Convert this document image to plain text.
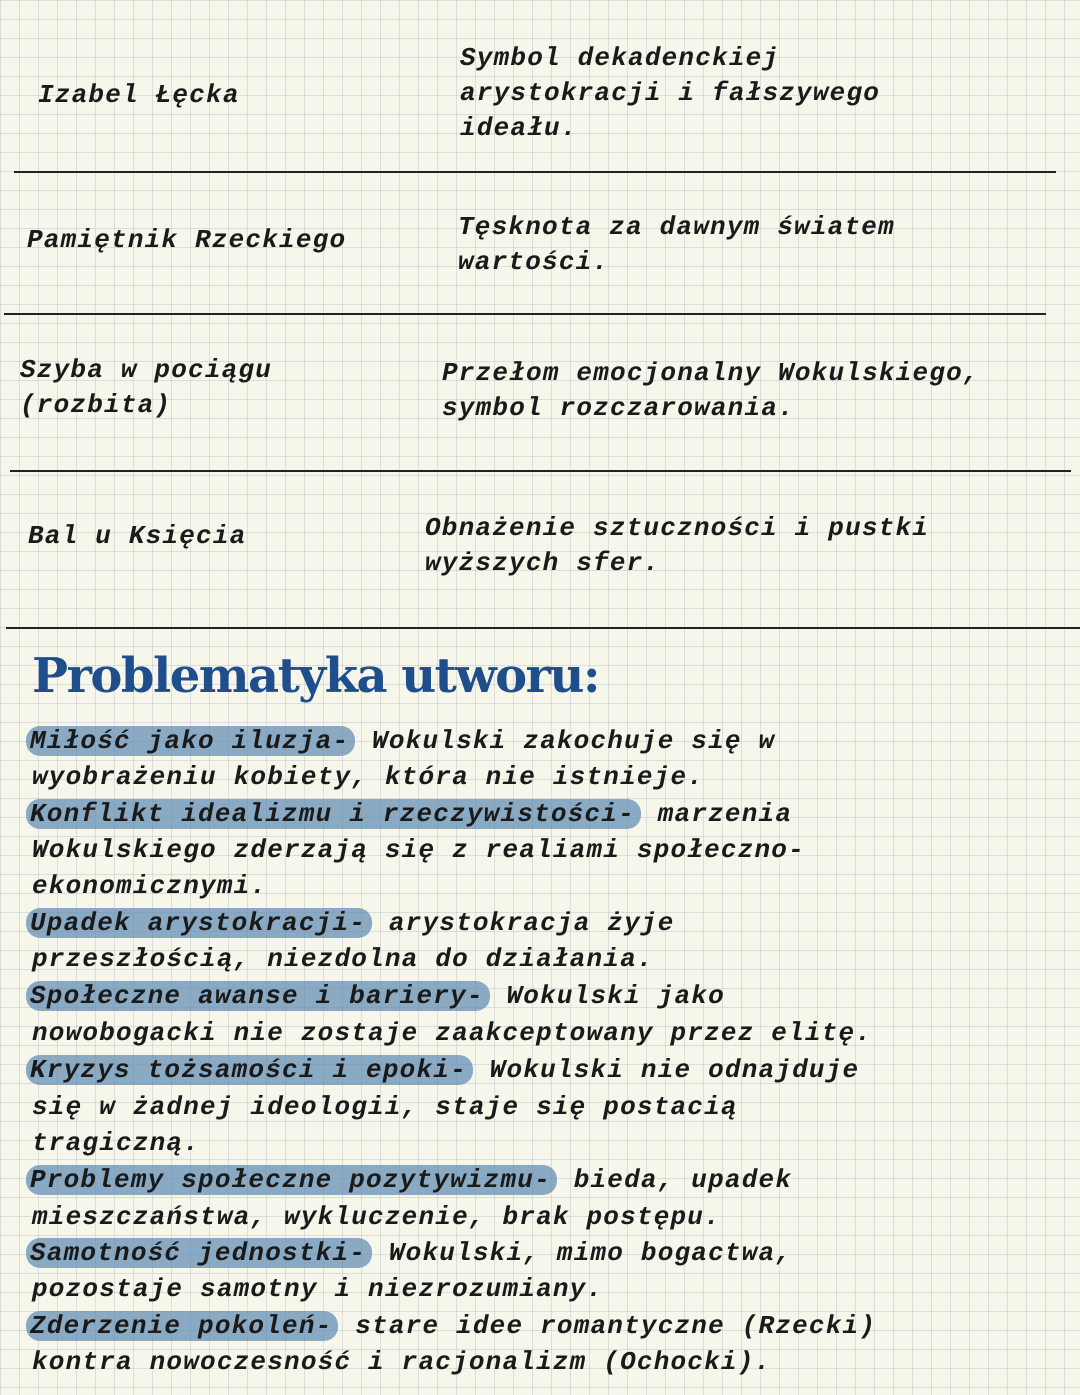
Izabel Łęcka
Symbol dekadenckiej
arystokracji i fałszywego
ideału.
Pamiętnik Rzeckiego	Tęsknota za dawnym światem
wartości.
Szyba w pociągu
(rozbita)
Przełom emocjonalny Wokulskiego,
symbol rozczarowania.
Bal u Księcia	Obnażenie sztuczności i pustki
wyższych sfer.
Problematyka utworu:
Miłość jako iluzja- Wokulski zakochuje się w
wyobrażeniu kobiety, która nie istnieje.
Konflikt idealizmu i rzeczywistości- marzenia
Wokulskiego zderzają się z realiami społeczno-
ekonomicznymi.
Upadek arystokracji- arystokracja żyje
przeszłością, niezdolna do działania.
Społeczne awanse i bariery- Wokulski jako
nowobogacki nie zostaje zaakceptowany przez elitę.
Kryzys tożsamości i epoki- Wokulski nie odnajduje
się w żadnej ideologii, staje się postacią
tragiczną.
Problemy społeczne pozytywizmu- bieda, upadek
mieszczaństwa, wykluczenie, brak postępu.
Samotność jednostki- Wokulski, mimo bogactwa,
pozostaje samotny i niezrozumiany.
Zderzenie pokoleń- stare idee romantyczne (Rzecki)
kontra nowoczesność i racjonalizm (Ochocki).
